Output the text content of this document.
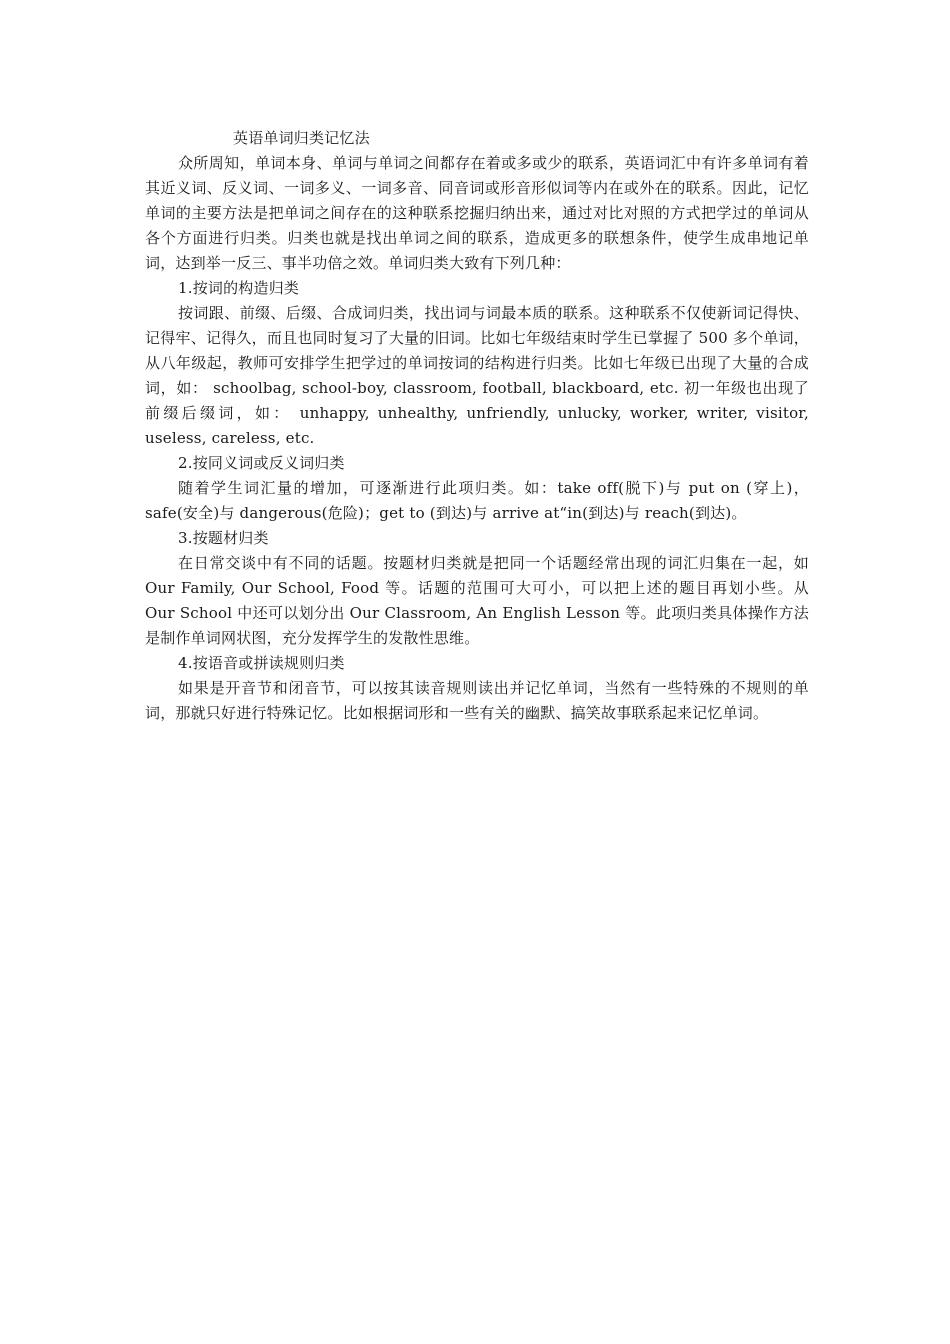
英语单词归类记忆法

众所周知，单词本身、单词与单词之间都存在着或多或少的联系，英语词汇中有许多单词有着其近义词、反义词、一词多义、一词多音、同音词或形音形似词等内在或外在的联系。因此，记忆单词的主要方法是把单词之间存在的这种联系挖掘归纳出来，通过对比对照的方式把学过的单词从各个方面进行归类。归类也就是找出单词之间的联系，造成更多的联想条件，使学生成串地记单词，达到举一反三、事半功倍之效。单词归类大致有下列几种：

1.按词的构造归类

按词跟、前缀、后缀、合成词归类，找出词与词最本质的联系。这种联系不仅使新词记得快、记得牢、记得久，而且也同时复习了大量的旧词。比如七年级结束时学生已掌握了 500 多个单词，从八年级起，教师可安排学生把学过的单词按词的结构进行归类。比如七年级已出现了大量的合成词，如： schoolbag, school-boy, classroom, football, blackboard, etc. 初一年级也出现了前缀后缀词，如： unhappy, unhealthy, unfriendly, unlucky, worker, writer, visitor, useless, careless, etc.

2.按同义词或反义词归类

随着学生词汇量的增加，可逐渐进行此项归类。如：take off(脱下)与 put on (穿上)，safe(安全)与 dangerous(危险)；get to (到达)与 arrive at“in(到达)与 reach(到达)。

3.按题材归类

在日常交谈中有不同的话题。按题材归类就是把同一个话题经常出现的词汇归集在一起，如 Our Family, Our School, Food 等。话题的范围可大可小，可以把上述的题目再划小些。从 Our School 中还可以划分出 Our Classroom, An English Lesson 等。此项归类具体操作方法是制作单词网状图，充分发挥学生的发散性思维。

4.按语音或拼读规则归类

如果是开音节和闭音节，可以按其读音规则读出并记忆单词，当然有一些特殊的不规则的单词，那就只好进行特殊记忆。比如根据词形和一些有关的幽默、搞笑故事联系起来记忆单词。
